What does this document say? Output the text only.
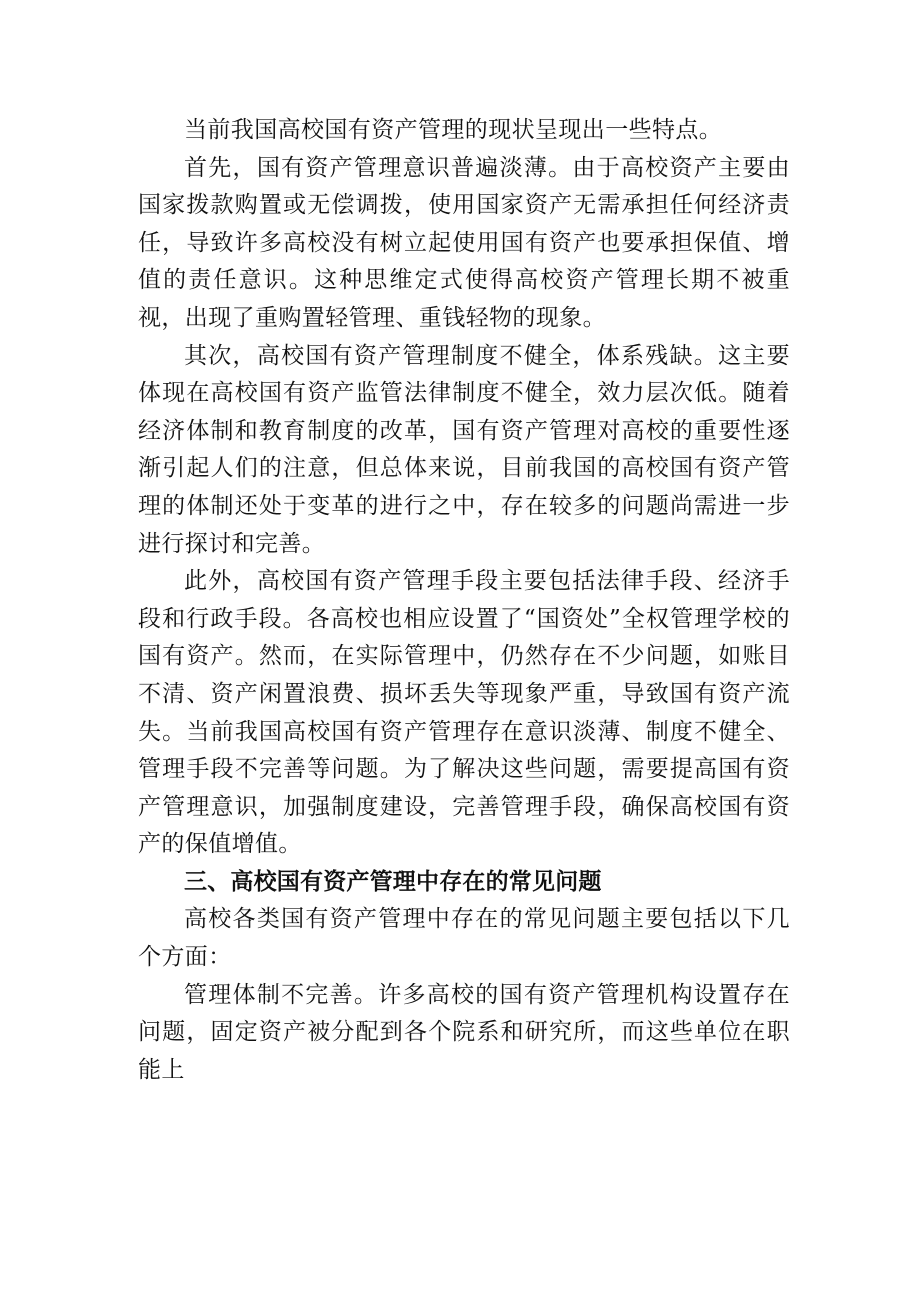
当前我国高校国有资产管理的现状呈现出一些特点。

首先，国有资产管理意识普遍淡薄。由于高校资产主要由国家拨款购置或无偿调拨，使用国家资产无需承担任何经济责任，导致许多高校没有树立起使用国有资产也要承担保值、增值的责任意识。这种思维定式使得高校资产管理长期不被重视，出现了重购置轻管理、重钱轻物的现象。

其次，高校国有资产管理制度不健全，体系残缺。这主要体现在高校国有资产监管法律制度不健全，效力层次低。随着经济体制和教育制度的改革，国有资产管理对高校的重要性逐渐引起人们的注意，但总体来说，目前我国的高校国有资产管理的体制还处于变革的进行之中，存在较多的问题尚需进一步进行探讨和完善。

此外，高校国有资产管理手段主要包括法律手段、经济手段和行政手段。各高校也相应设置了“国资处”全权管理学校的国有资产。然而，在实际管理中，仍然存在不少问题，如账目不清、资产闲置浪费、损坏丢失等现象严重，导致国有资产流失。当前我国高校国有资产管理存在意识淡薄、制度不健全、管理手段不完善等问题。为了解决这些问题，需要提高国有资产管理意识，加强制度建设，完善管理手段，确保高校国有资产的保值增值。

三、高校国有资产管理中存在的常见问题

高校各类国有资产管理中存在的常见问题主要包括以下几个方面：

管理体制不完善。许多高校的国有资产管理机构设置存在问题，固定资产被分配到各个院系和研究所，而这些单位在职能上
